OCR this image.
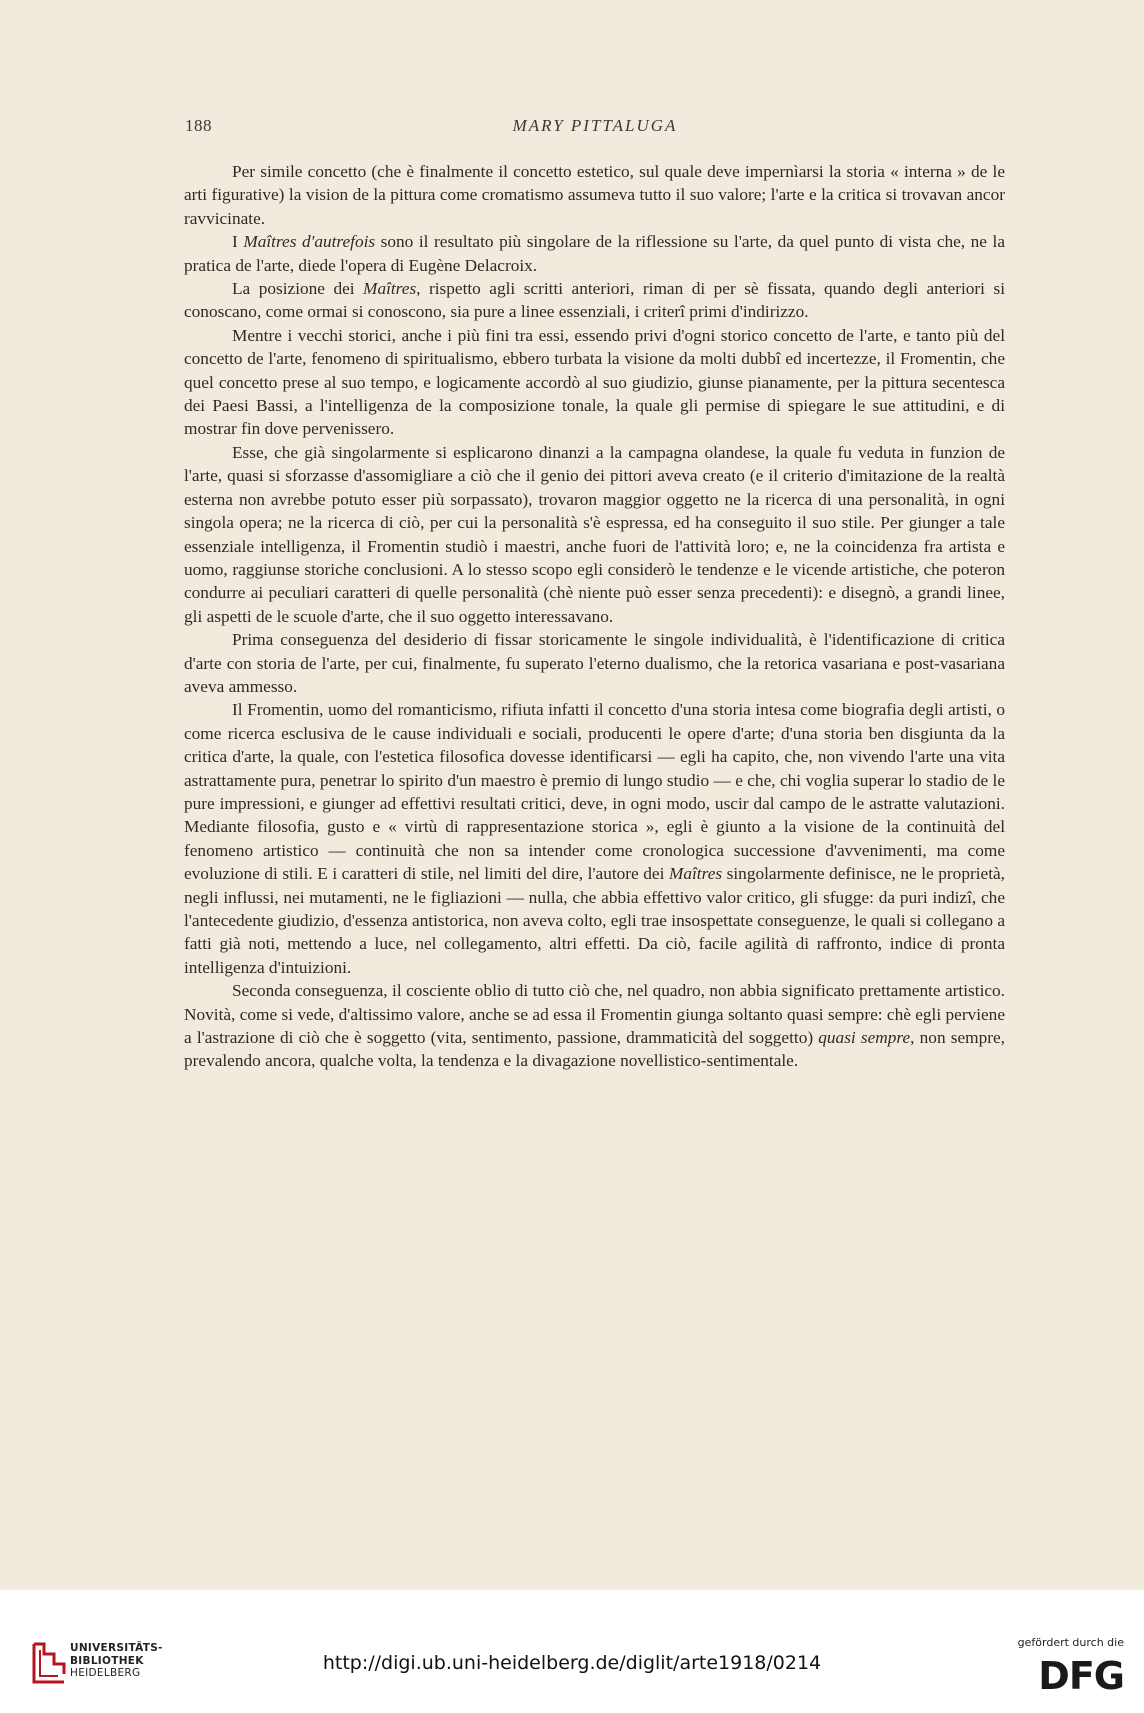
188	MARY PITTALUGA

Per simile concetto (che è finalmente il concetto estetico, sul quale deve impernìarsi la storia « interna » de le arti figurative) la vision de la pittura come cromatismo assumeva tutto il suo valore; l'arte e la critica si trovavan ancor ravvicinate.

I Maîtres d'autrefois sono il resultato più singolare de la riflessione su l'arte, da quel punto di vista che, ne la pratica de l'arte, diede l'opera di Eugène Delacroix.

La posizione dei Maîtres, rispetto agli scritti anteriori, riman di per sè fissata, quando degli anteriori si conoscano, come ormai si conoscono, sia pure a linee essenziali, i criterî primi d'indirizzo.

Mentre i vecchi storici, anche i più fini tra essi, essendo privi d'ogni storico concetto de l'arte, e tanto più del concetto de l'arte, fenomeno di spiritualismo, ebbero turbata la visione da molti dubbî ed incertezze, il Fromentin, che quel concetto prese al suo tempo, e logicamente accordò al suo giudizio, giunse pianamente, per la pittura secentesca dei Paesi Bassi, a l'intelligenza de la composizione tonale, la quale gli permise di spiegare le sue attitudini, e di mostrar fin dove pervenissero.

Esse, che già singolarmente si esplicarono dinanzi a la campagna olandese, la quale fu veduta in funzion de l'arte, quasi si sforzasse d'assomigliare a ciò che il genio dei pittori aveva creato (e il criterio d'imitazione de la realtà esterna non avrebbe potuto esser più sorpassato), trovaron maggior oggetto ne la ricerca di una personalità, in ogni singola opera; ne la ricerca di ciò, per cui la personalità s'è espressa, ed ha conseguito il suo stile. Per giunger a tale essenziale intelligenza, il Fromentin studiò i maestri, anche fuori de l'attività loro; e, ne la coincidenza fra artista e uomo, raggiunse storiche conclusioni. A lo stesso scopo egli considerò le tendenze e le vicende artistiche, che poteron condurre ai peculiari caratteri di quelle personalità (chè niente può esser senza precedenti): e disegnò, a grandi linee, gli aspetti de le scuole d'arte, che il suo oggetto interessavano.

Prima conseguenza del desiderio di fissar storicamente le singole individualità, è l'identificazione di critica d'arte con storia de l'arte, per cui, finalmente, fu superato l'eterno dualismo, che la retorica vasariana e post-vasariana aveva ammesso.

Il Fromentin, uomo del romanticismo, rifiuta infatti il concetto d'una storia intesa come biografia degli artisti, o come ricerca esclusiva de le cause individuali e sociali, producenti le opere d'arte; d'una storia ben disgiunta da la critica d'arte, la quale, con l'estetica filosofica dovesse identificarsi — egli ha capito, che, non vivendo l'arte una vita astrattamente pura, penetrar lo spirito d'un maestro è premio di lungo studio — e che, chi voglia superar lo stadio de le pure impressioni, e giunger ad effettivi resultati critici, deve, in ogni modo, uscir dal campo de le astratte valutazioni. Mediante filosofia, gusto e « virtù di rappresentazione storica », egli è giunto a la visione de la continuità del fenomeno artistico — continuità che non sa intender come cronologica successione d'avvenimenti, ma come evoluzione di stili. E i caratteri di stile, nel limiti del dire, l'autore dei Maîtres singolarmente definisce, ne le proprietà, negli influssi, nei mutamenti, ne le figliazioni — nulla, che abbia effettivo valor critico, gli sfugge: da puri indizî, che l'antecedente giudizio, d'essenza antistorica, non aveva colto, egli trae insospettate conseguenze, le quali si collegano a fatti già noti, mettendo a luce, nel collegamento, altri effetti. Da ciò, facile agilità di raffronto, indice di pronta intelligenza d'intuizioni.

Seconda conseguenza, il cosciente oblio di tutto ciò che, nel quadro, non abbia significato prettamente artistico. Novità, come si vede, d'altissimo valore, anche se ad essa il Fromentin giunga soltanto quasi sempre: chè egli perviene a l'astrazione di ciò che è soggetto (vita, sentimento, passione, drammaticità del soggetto) quasi sempre, non sempre, prevalendo ancora, qualche volta, la tendenza e la divagazione novellistico-sentimentale.

UNIVERSITÄTS-
BIBLIOTHEK
HEIDELBERG	http://digi.ub.uni-heidelberg.de/diglit/arte1918/0214
gefördert durch die
DFG
